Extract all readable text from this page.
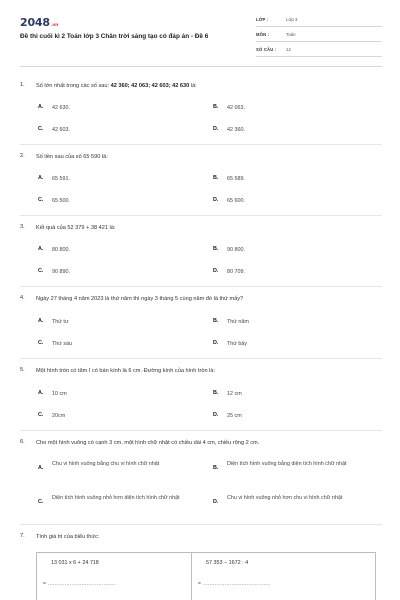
2048.vn
Đề thi cuối kì 2 Toán lớp 3 Chân trời sáng tạo có đáp án - Đề 6
LỚP :	Lớp 3
MÔN :	Toán
SỐ CÂU : 12
1. Số lớn nhất trong các số sau: 42 360; 42 063; 42 603; 42 630 là:
A. 42 630.	B. 42 063.
C. 42 603.	D. 42 360.
2. Số liền sau của số 65 590 là:
A. 65 591.	B. 65 589.
C. 65 500.	D. 65 600.
3. Kết quả của 52 379 + 38 421 là:
A. 80 800.	B. 90 800.
C. 90 890.	D. 80 709.
4. Ngày 27 tháng 4 năm 2023 là thứ năm thì ngày 3 tháng 5 cùng năm đó là thứ mấy?
A. Thứ tư	B. Thứ năm
C. Thứ sáu	D. Thứ bảy
5. Một hình tròn có tâm I có bán kính là 6 cm. Đường kính của hình tròn là:
A. 10 cm	B. 12 cm
C. 20cm	D. 25 cm
6. Cho một hình vuông có cạnh 3 cm, một hình chữ nhật có chiều dài 4 cm, chiều rộng 2 cm.
A.
Chu vi hình vuông bằng chu vi hình chữ nhật
B.
Diện tích hình vuông bằng diện tích hình chữ nhật
C.
Diện tích hình vuông nhỏ hơn diện tích hình chữ nhật
D.
Chu vi hình vuông nhỏ hơn chu vi hình chữ nhật
7. Tính giá trị của biểu thức:
13 031 x 6 + 24 718
= ........................................
57 353 − 1672 : 4
= ........................................
